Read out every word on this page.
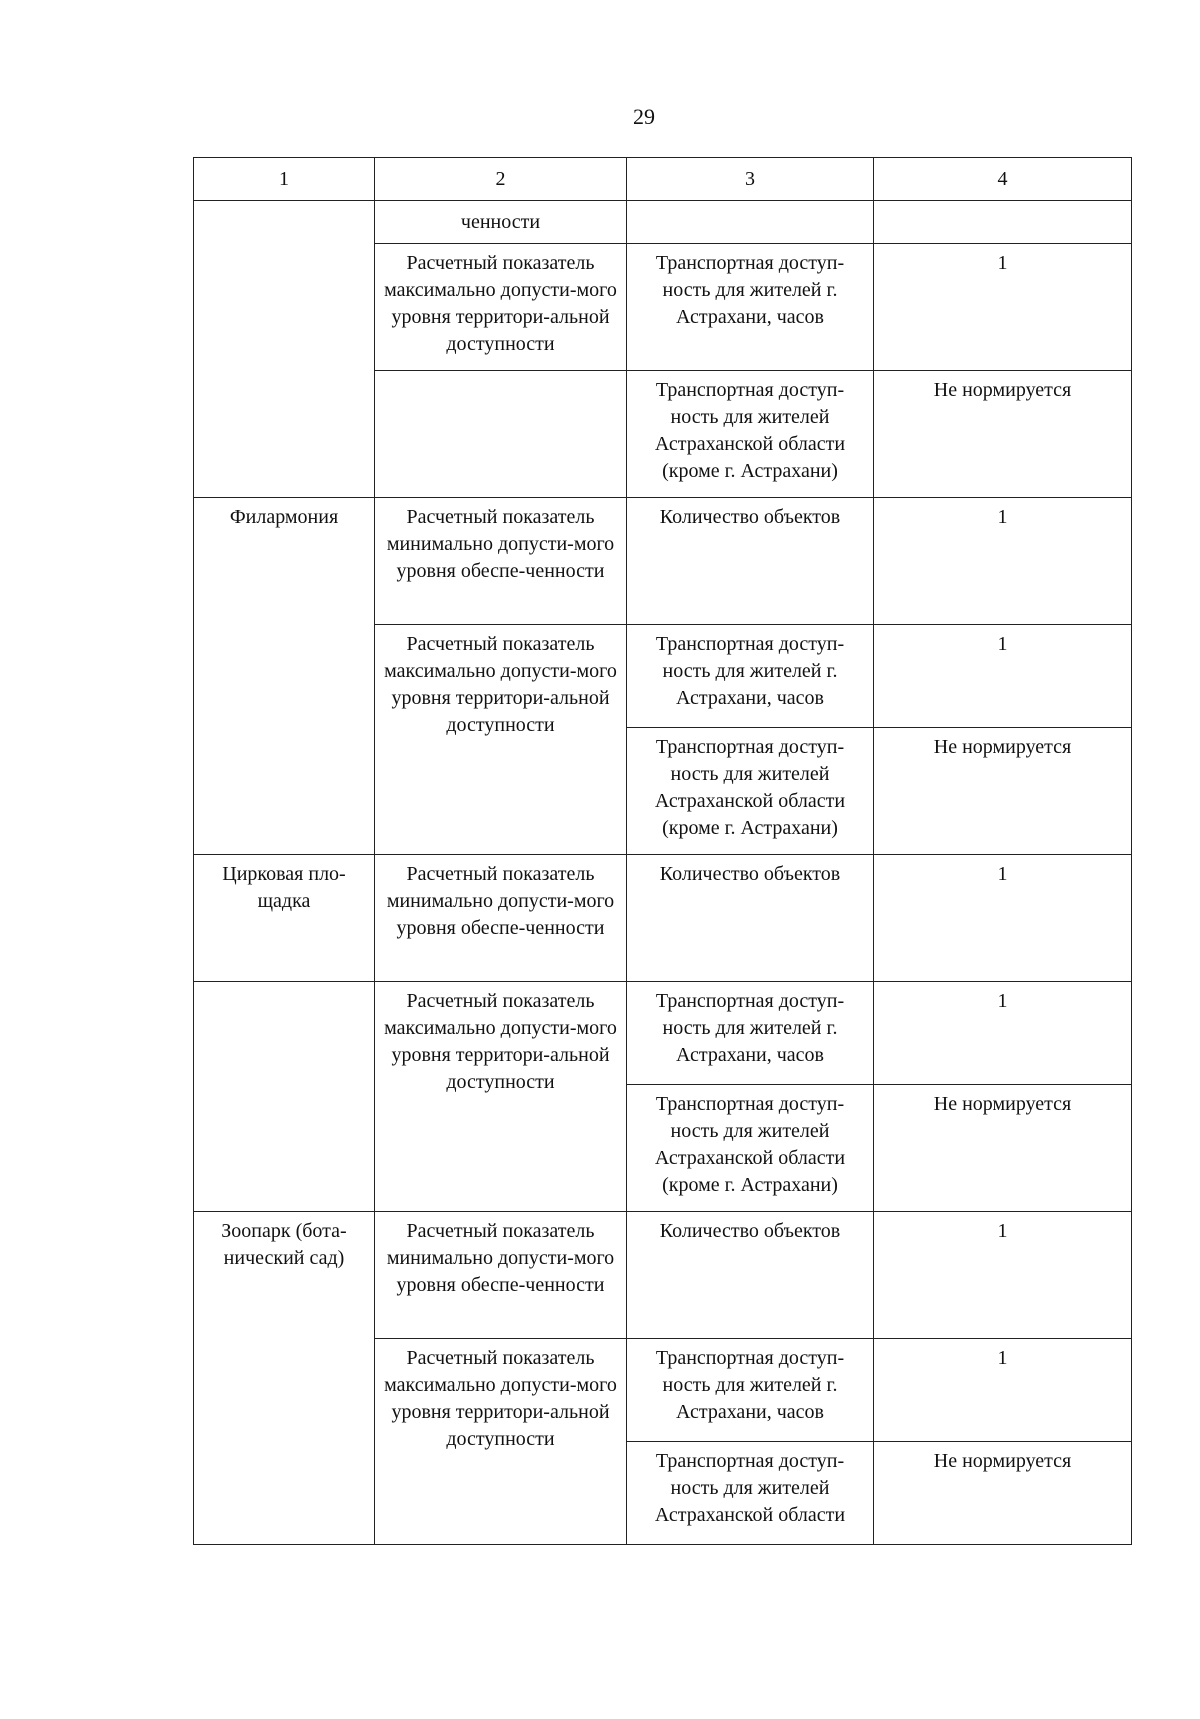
29
1	2	3	4
	ченности		
	Расчетный показатель максимально допусти-мого уровня территори-альной доступности	Транспортная доступ-ность для жителей г. Астрахани, часов	1
		Транспортная доступ-ность для жителей Астраханской области (кроме г. Астрахани)	Не нормируется
Филармония	Расчетный показатель минимально допусти-мого уровня обеспе-ченности	Количество объектов	1
	Расчетный показатель максимально допусти-мого уровня территори-альной доступности	Транспортная доступ-ность для жителей г. Астрахани, часов	1
		Транспортная доступ-ность для жителей Астраханской области (кроме г. Астрахани)	Не нормируется
Цирковая пло-щадка	Расчетный показатель минимально допусти-мого уровня обеспе-ченности	Количество объектов	1
	Расчетный показатель максимально допусти-мого уровня территори-альной доступности	Транспортная доступ-ность для жителей г. Астрахани, часов	1
		Транспортная доступ-ность для жителей Астраханской области (кроме г. Астрахани)	Не нормируется
Зоопарк (бота-нический сад)	Расчетный показатель минимально допусти-мого уровня обеспе-ченности	Количество объектов	1
	Расчетный показатель максимально допусти-мого уровня территори-альной доступности	Транспортная доступ-ность для жителей г. Астрахани, часов	1
		Транспортная доступ-ность для жителей Астраханской области	Не нормируется
